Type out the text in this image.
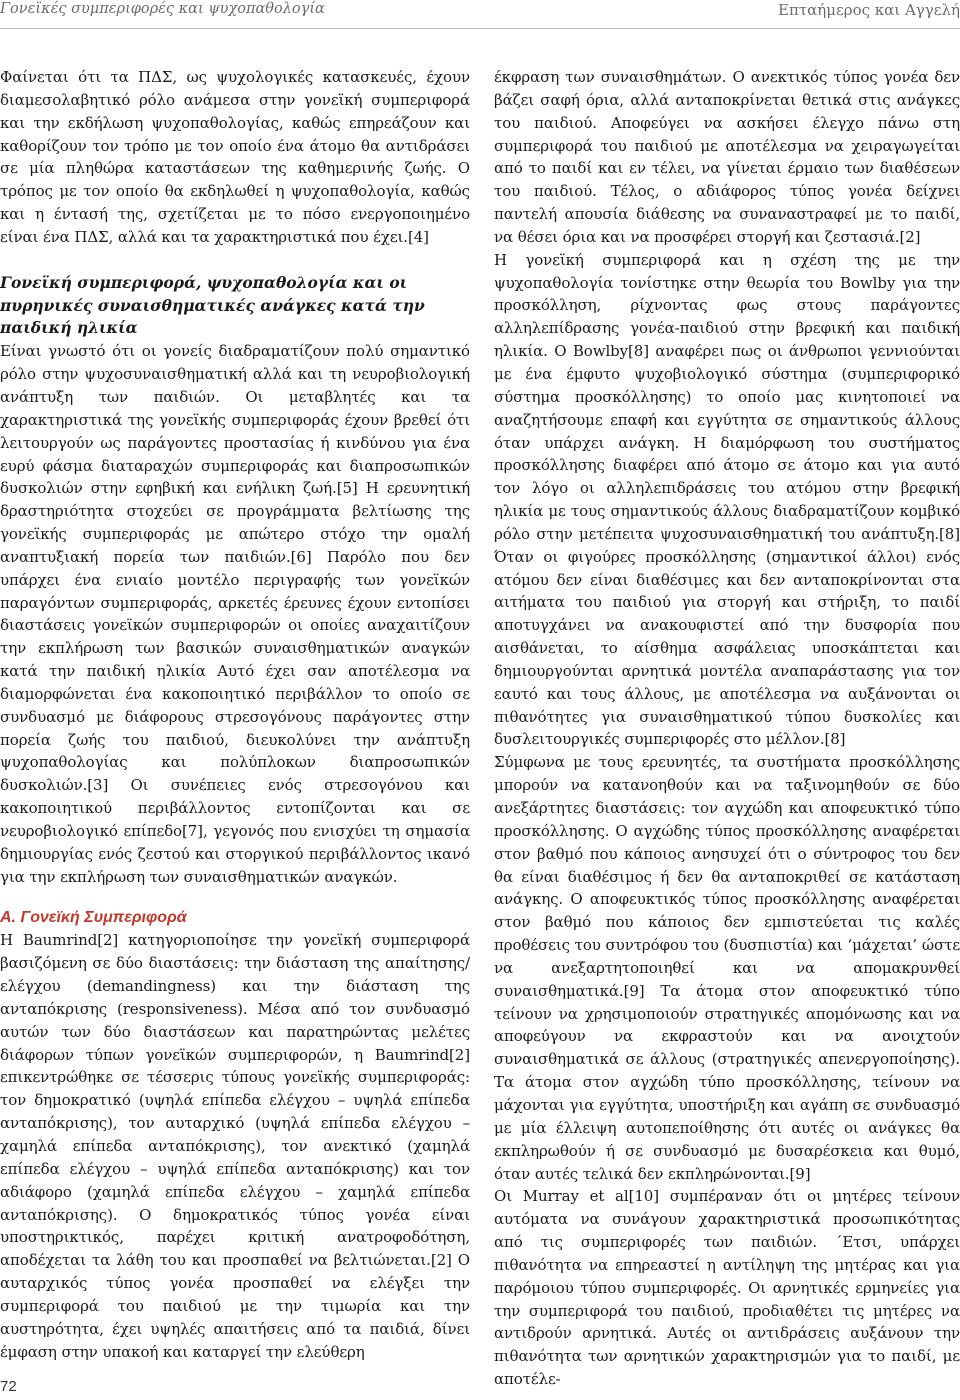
Γονεϊκές συμπεριφορές και ψυχοπαθολογία	Επταήμερος και Αγγελή

Φαίνεται ότι τα ΠΔΣ, ως ψυχολογικές κατασκευές, έχουν διαμεσολαβητικό ρόλο ανάμεσα στην γονεϊκή συμπεριφορά και την εκδήλωση ψυχοπαθολογίας, καθώς επηρεάζουν και καθορίζουν τον τρόπο με τον οποίο ένα άτομο θα αντιδράσει σε μία πληθώρα καταστάσεων της καθημερινής ζωής. Ο τρόπος με τον οποίο θα εκδηλωθεί η ψυχοπαθολογία, καθώς και η έντασή της, σχετίζεται με το πόσο ενεργοποιημένο είναι ένα ΠΔΣ, αλλά και τα χαρακτηριστικά που έχει.[4]

Γονεϊκή συμπεριφορά, ψυχοπαθολογία και οι πυρηνικές συναισθηματικές ανάγκες κατά την παιδική ηλικία

Είναι γνωστό ότι οι γονείς διαδραματίζουν πολύ σημαντικό ρόλο στην ψυχοσυναισθηματική αλλά και τη νευροβιολογική ανάπτυξη των παιδιών. Οι μεταβλητές και τα χαρακτηριστικά της γονεϊκής συμπεριφοράς έχουν βρεθεί ότι λειτουργούν ως παράγοντες προστασίας ή κινδύνου για ένα ευρύ φάσμα διαταραχών συμπεριφοράς και διαπροσωπικών δυσκολιών στην εφηβική και ενήλικη ζωή.[5] Η ερευνητική δραστηριότητα στοχεύει σε προγράμματα βελτίωσης της γονεϊκής συμπεριφοράς με απώτερο στόχο την ομαλή αναπτυξιακή πορεία των παιδιών.[6] Παρόλο που δεν υπάρχει ένα ενιαίο μοντέλο περιγραφής των γονεϊκών παραγόντων συμπεριφοράς, αρκετές έρευνες έχουν εντοπίσει διαστάσεις γονεϊκών συμπεριφορών οι οποίες αναχαιτίζουν την εκπλήρωση των βασικών συναισθηματικών αναγκών κατά την παιδική ηλικία Αυτό έχει σαν αποτέλεσμα να διαμορφώνεται ένα κακοποιητικό περιβάλλον το οποίο σε συνδυασμό με διάφορους στρεσογόνους παράγοντες στην πορεία ζωής του παιδιού, διευκολύνει την ανάπτυξη ψυχοπαθολογίας και πολύπλοκων διαπροσωπικών δυσκολιών.[3] Οι συνέπειες ενός στρεσογόνου και κακοποιητικού περιβάλλοντος εντοπίζονται και σε νευροβιολογικό επίπεδο[7], γεγονός που ενισχύει τη σημασία δημιουργίας ενός ζεστού και στοργικού περιβάλλοντος ικανό για την εκπλήρωση των συναισθηματικών αναγκών.

Α. Γονεϊκή Συμπεριφορά

Η Baumrind[2] κατηγοριοποίησε την γονεϊκή συμπεριφορά βασιζόμενη σε δύο διαστάσεις: την διάσταση της απαίτησης/ελέγχου (demandingness) και την διάσταση της ανταπόκρισης (responsiveness). Μέσα από τον συνδυασμό αυτών των δύο διαστάσεων και παρατηρώντας μελέτες διάφορων τύπων γονεϊκών συμπεριφορών, η Baumrind[2] επικεντρώθηκε σε τέσσερις τύπους γονεϊκής συμπεριφοράς: τον δημοκρατικό (υψηλά επίπεδα ελέγχου – υψηλά επίπεδα ανταπόκρισης), τον αυταρχικό (υψηλά επίπεδα ελέγχου – χαμηλά επίπεδα ανταπόκρισης), τον ανεκτικό (χαμηλά επίπεδα ελέγχου – υψηλά επίπεδα ανταπόκρισης) και τον αδιάφορο (χαμηλά επίπεδα ελέγχου – χαμηλά επίπεδα ανταπόκρισης). Ο δημοκρατικός τύπος γονέα είναι υποστηρικτικός, παρέχει κριτική ανατροφοδότηση, αποδέχεται τα λάθη του και προσπαθεί να βελτιώνεται.[2] Ο αυταρχικός τύπος γονέα προσπαθεί να ελέγξει την συμπεριφορά του παιδιού με την τιμωρία και την αυστηρότητα, έχει υψηλές απαιτήσεις από τα παιδιά, δίνει έμφαση στην υπακοή και καταργεί την ελεύθερη

έκφραση των συναισθημάτων. Ο ανεκτικός τύπος γονέα δεν βάζει σαφή όρια, αλλά ανταποκρίνεται θετικά στις ανάγκες του παιδιού. Αποφεύγει να ασκήσει έλεγχο πάνω στη συμπεριφορά του παιδιού με αποτέλεσμα να χειραγωγείται από το παιδί και εν τέλει, να γίνεται έρμαιο των διαθέσεων του παιδιού. Τέλος, ο αδιάφορος τύπος γονέα δείχνει παντελή απουσία διάθεσης να συναναστραφεί με το παιδί, να θέσει όρια και να προσφέρει στοργή και ζεστασιά.[2]

Η γονεϊκή συμπεριφορά και η σχέση της με την ψυχοπαθολογία τονίστηκε στην θεωρία του Bowlby για την προσκόλληση, ρίχνοντας φως στους παράγοντες αλληλεπίδρασης γονέα-παιδιού στην βρεφική και παιδική ηλικία. Ο Bowlby[8] αναφέρει πως οι άνθρωποι γεννιούνται με ένα έμφυτο ψυχοβιολογικό σύστημα (συμπεριφορικό σύστημα προσκόλλησης) το οποίο μας κινητοποιεί να αναζητήσουμε επαφή και εγγύτητα σε σημαντικούς άλλους όταν υπάρχει ανάγκη. Η διαμόρφωση του συστήματος προσκόλλησης διαφέρει από άτομο σε άτομο και για αυτό τον λόγο οι αλληλεπιδράσεις του ατόμου στην βρεφική ηλικία με τους σημαντικούς άλλους διαδραματίζουν κομβικό ρόλο στην μετέπειτα ψυχοσυναισθηματική του ανάπτυξη.[8] Όταν οι φιγούρες προσκόλλησης (σημαντικοί άλλοι) ενός ατόμου δεν είναι διαθέσιμες και δεν ανταποκρίνονται στα αιτήματα του παιδιού για στοργή και στήριξη, το παιδί αποτυγχάνει να ανακουφιστεί από την δυσφορία που αισθάνεται, το αίσθημα ασφάλειας υποσκάπτεται και δημιουργούνται αρνητικά μοντέλα αναπαράστασης για τον εαυτό και τους άλλους, με αποτέλεσμα να αυξάνονται οι πιθανότητες για συναισθηματικού τύπου δυσκολίες και δυσλειτουργικές συμπεριφορές στο μέλλον.[8]

Σύμφωνα με τους ερευνητές, τα συστήματα προσκόλλησης μπορούν να κατανοηθούν και να ταξινομηθούν σε δύο ανεξάρτητες διαστάσεις: τον αγχώδη και αποφευκτικό τύπο προσκόλλησης. Ο αγχώδης τύπος προσκόλλησης αναφέρεται στον βαθμό που κάποιος ανησυχεί ότι ο σύντροφος του δεν θα είναι διαθέσιμος ή δεν θα ανταποκριθεί σε κατάσταση ανάγκης. Ο αποφευκτικός τύπος προσκόλλησης αναφέρεται στον βαθμό που κάποιος δεν εμπιστεύεται τις καλές προθέσεις του συντρόφου του (δυσπιστία) και ‘μάχεται’ ώστε να ανεξαρτητοποιηθεί και να απομακρυνθεί συναισθηματικά.[9] Τα άτομα στον αποφευκτικό τύπο τείνουν να χρησιμοποιούν στρατηγικές απομόνωσης και να αποφεύγουν να εκφραστούν και να ανοιχτούν συναισθηματικά σε άλλους (στρατηγικές απενεργοποίησης). Τα άτομα στον αγχώδη τύπο προσκόλλησης, τείνουν να μάχονται για εγγύτητα, υποστήριξη και αγάπη σε συνδυασμό με μία έλλειψη αυτοπεποίθησης ότι αυτές οι ανάγκες θα εκπληρωθούν ή σε συνδυασμό με δυσαρέσκεια και θυμό, όταν αυτές τελικά δεν εκπληρώνονται.[9]

Οι Murray et al[10] συμπέραναν ότι οι μητέρες τείνουν αυτόματα να συνάγουν χαρακτηριστικά προσωπικότητας από τις συμπεριφορές των παιδιών. ´Ετσι, υπάρχει πιθανότητα να επηρεαστεί η αντίληψη της μητέρας και για παρόμοιου τύπου συμπεριφορές. Οι αρνητικές ερμηνείες για την συμπεριφορά του παιδιού, προδιαθέτει τις μητέρες να αντιδρούν αρνητικά. Αυτές οι αντιδράσεις αυξάνουν την πιθανότητα των αρνητικών χαρακτηρισμών για το παιδί, με αποτέλε-

72
